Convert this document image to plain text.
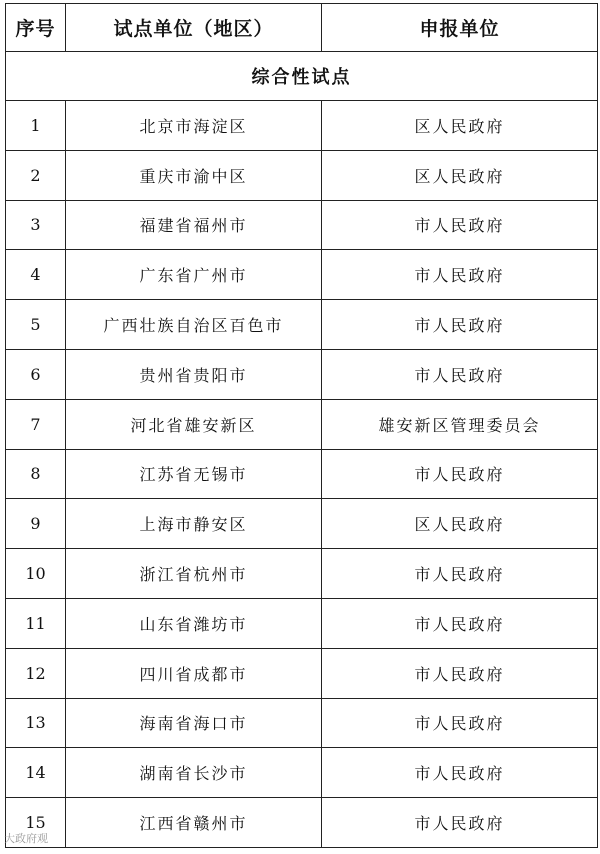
序号	试点单位（地区）	申报单位
综合性试点		
1	北京市海淀区	区人民政府
2	重庆市渝中区	区人民政府
3	福建省福州市	市人民政府
4	广东省广州市	市人民政府
5	广西壮族自治区百色市	市人民政府
6	贵州省贵阳市	市人民政府
7	河北省雄安新区	雄安新区管理委员会
8	江苏省无锡市	市人民政府
9	上海市静安区	区人民政府
10	浙江省杭州市	市人民政府
11	山东省潍坊市	市人民政府
12	四川省成都市	市人民政府
13	海南省海口市	市人民政府
14	湖南省长沙市	市人民政府
15	江西省赣州市	市人民政府
大政府观
